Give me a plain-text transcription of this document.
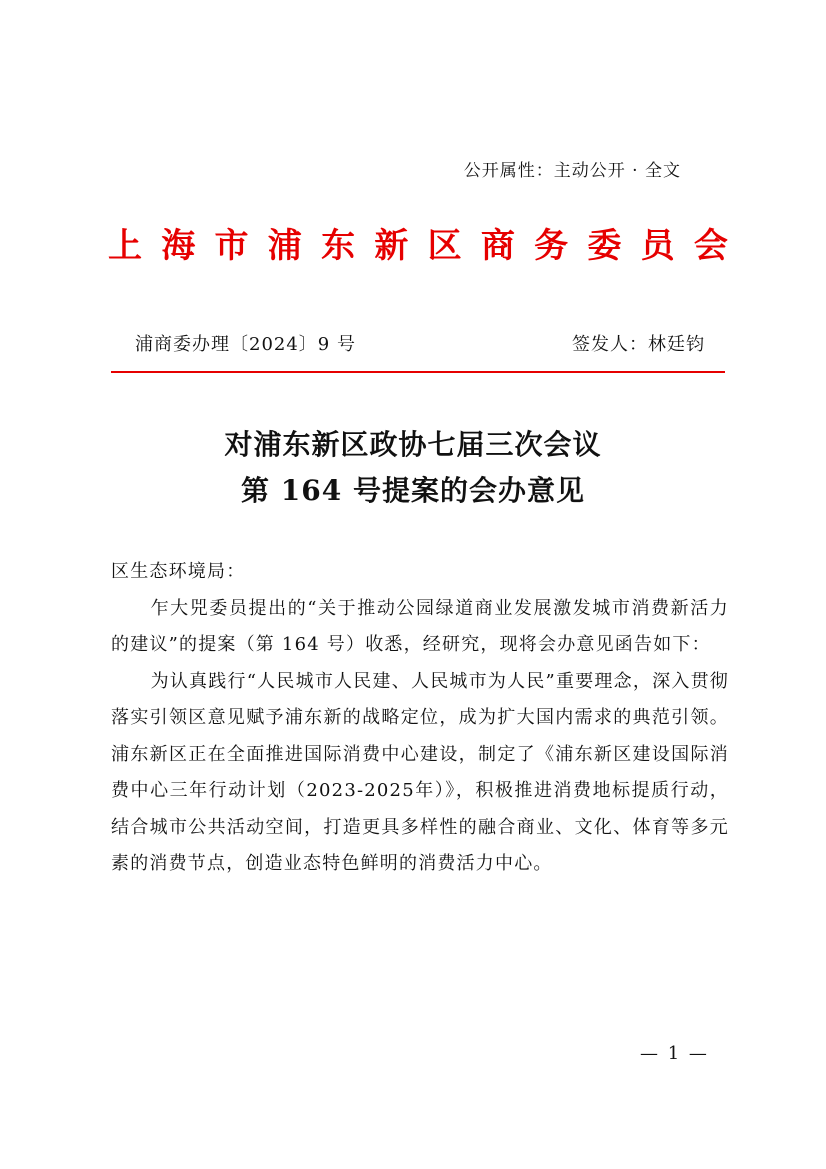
公开属性：主动公开 · 全文
上 海 市 浦 东 新 区 商 务 委 员 会
浦商委办理〔2024〕9 号	签发人：林廷钧
对浦东新区政协七届三次会议
第 164 号提案的会办意见

区生态环境局：

乍大兕委员提出的“关于推动公园绿道商业发展激发城市消费新活力的建议”的提案（第 164 号）收悉，经研究，现将会办意见函告如下：

为认真践行“人民城市人民建、人民城市为人民”重要理念，深入贯彻落实引领区意见赋予浦东新的战略定位，成为扩大国内需求的典范引领。浦东新区正在全面推进国际消费中心建设，制定了《浦东新区建设国际消费中心三年行动计划（2023-2025年）》，积极推进消费地标提质行动，结合城市公共活动空间，打造更具多样性的融合商业、文化、体育等多元素的消费节点，创造业态特色鲜明的消费活力中心。

— 1 —
